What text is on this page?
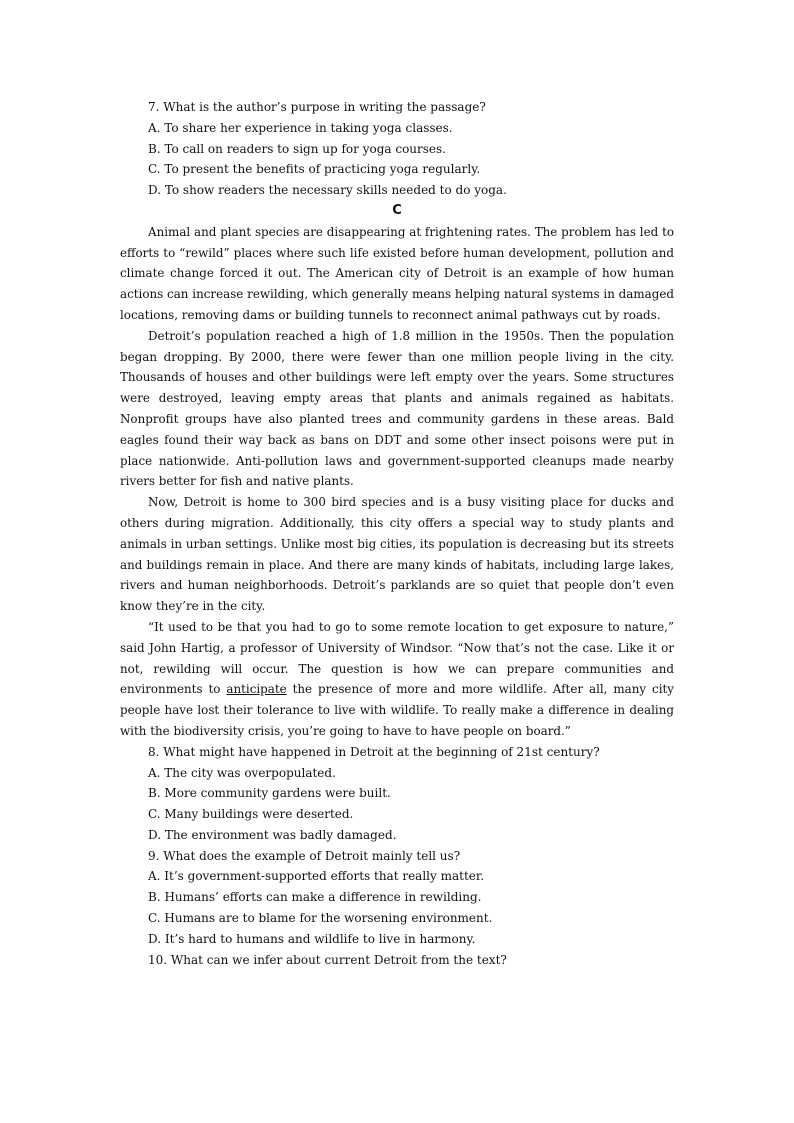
7. What is the author’s purpose in writing the passage?
A. To share her experience in taking yoga classes.
B. To call on readers to sign up for yoga courses.
C. To present the benefits of practicing yoga regularly.
D. To show readers the necessary skills needed to do yoga.
C

Animal and plant species are disappearing at frightening rates. The problem has led to efforts to “rewild” places where such life existed before human development, pollution and climate change forced it out. The American city of Detroit is an example of how human actions can increase rewilding, which generally means helping natural systems in damaged locations, removing dams or building tunnels to reconnect animal pathways cut by roads.

Detroit’s population reached a high of 1.8 million in the 1950s. Then the population began dropping. By 2000, there were fewer than one million people living in the city. Thousands of houses and other buildings were left empty over the years. Some structures were destroyed, leaving empty areas that plants and animals regained as habitats. Nonprofit groups have also planted trees and community gardens in these areas. Bald eagles found their way back as bans on DDT and some other insect poisons were put in place nationwide. Anti-pollution laws and government-supported cleanups made nearby rivers better for fish and native plants.

Now, Detroit is home to 300 bird species and is a busy visiting place for ducks and others during migration. Additionally, this city offers a special way to study plants and animals in urban settings. Unlike most big cities, its population is decreasing but its streets and buildings remain in place. And there are many kinds of habitats, including large lakes, rivers and human neighborhoods. Detroit’s parklands are so quiet that people don’t even know they’re in the city.

“It used to be that you had to go to some remote location to get exposure to nature,” said John Hartig, a professor of University of Windsor. “Now that’s not the case. Like it or not, rewilding will occur. The question is how we can prepare communities and environments to anticipate the presence of more and more wildlife. After all, many city people have lost their tolerance to live with wildlife. To really make a difference in dealing with the biodiversity crisis, you’re going to have to have people on board.”

8. What might have happened in Detroit at the beginning of 21st century?
A. The city was overpopulated.
B. More community gardens were built.
C. Many buildings were deserted.
D. The environment was badly damaged.
9. What does the example of Detroit mainly tell us?
A. It’s government-supported efforts that really matter.
B. Humans’ efforts can make a difference in rewilding.
C. Humans are to blame for the worsening environment.
D. It’s hard to humans and wildlife to live in harmony.
10. What can we infer about current Detroit from the text?
